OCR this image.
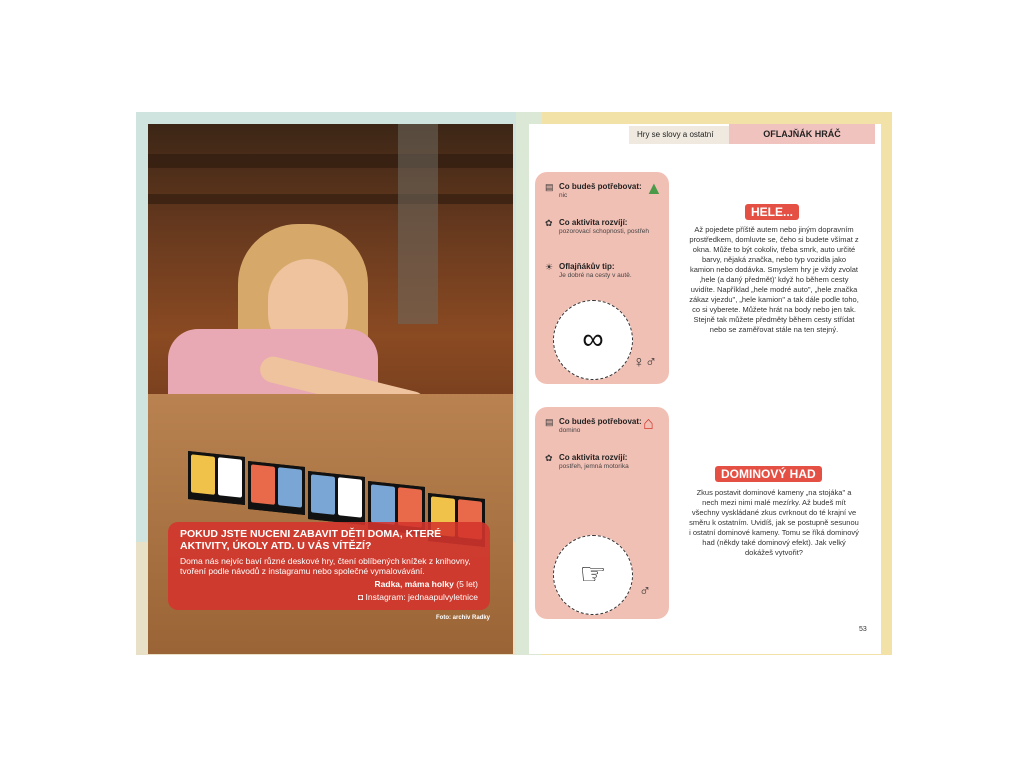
POKUD JSTE NUCENI ZABAVIT DĚTI DOMA, KTERÉ AKTIVITY, ÚKOLY ATD. U VÁS VÍTĚZÍ?
Doma nás nejvíc baví různé deskové hry, čtení oblíbených knížek z knihovny, tvoření podle návodů z instagramu nebo společné vymalovávání.
Radka, máma holky (5 let)
◘ Instagram: jednaapulvyletnice
Foto: archiv Radky
Hry se slovy a ostatní	OFLAJŇÁK HRÁČ
▤ Co budeš potřebovat:
nic
✿ Co aktivita rozvíjí:
pozorovací schopnosti, postřeh
☀ Oflajňákův tip:
Je dobré na cesty v autě.
▲
∞
♀♂
HELE...
Až pojedete příště autem nebo jiným dopravním prostředkem, domluvte se, čeho si budete všímat z okna. Může to být cokoliv, třeba smrk, auto určité barvy, nějaká značka, nebo typ vozidla jako kamion nebo dodávka. Smyslem hry je vždy zvolat ‚hele (a daný předmět)' když ho během cesty uvidíte. Například „hele modré auto", „hele značka zákaz vjezdu", „hele kamion" a tak dále podle toho, co si vyberete. Můžete hrát na body nebo jen tak. Stejně tak můžete předměty během cesty střídat nebo se zaměřovat stále na ten stejný.
▤ Co budeš potřebovat:
domino
✿ Co aktivita rozvíjí:
postřeh, jemná motorika
⌂
☞
♂
DOMINOVÝ HAD
Zkus postavit dominové kameny „na stojáka" a nech mezi nimi malé mezírky. Až budeš mít všechny vyskládané zkus cvrknout do té krajní ve směru k ostatním. Uvidíš, jak se postupně sesunou i ostatní dominové kameny. Tomu se říká dominový had (někdy také dominový efekt). Jak velký dokážeš vytvořit?
53
